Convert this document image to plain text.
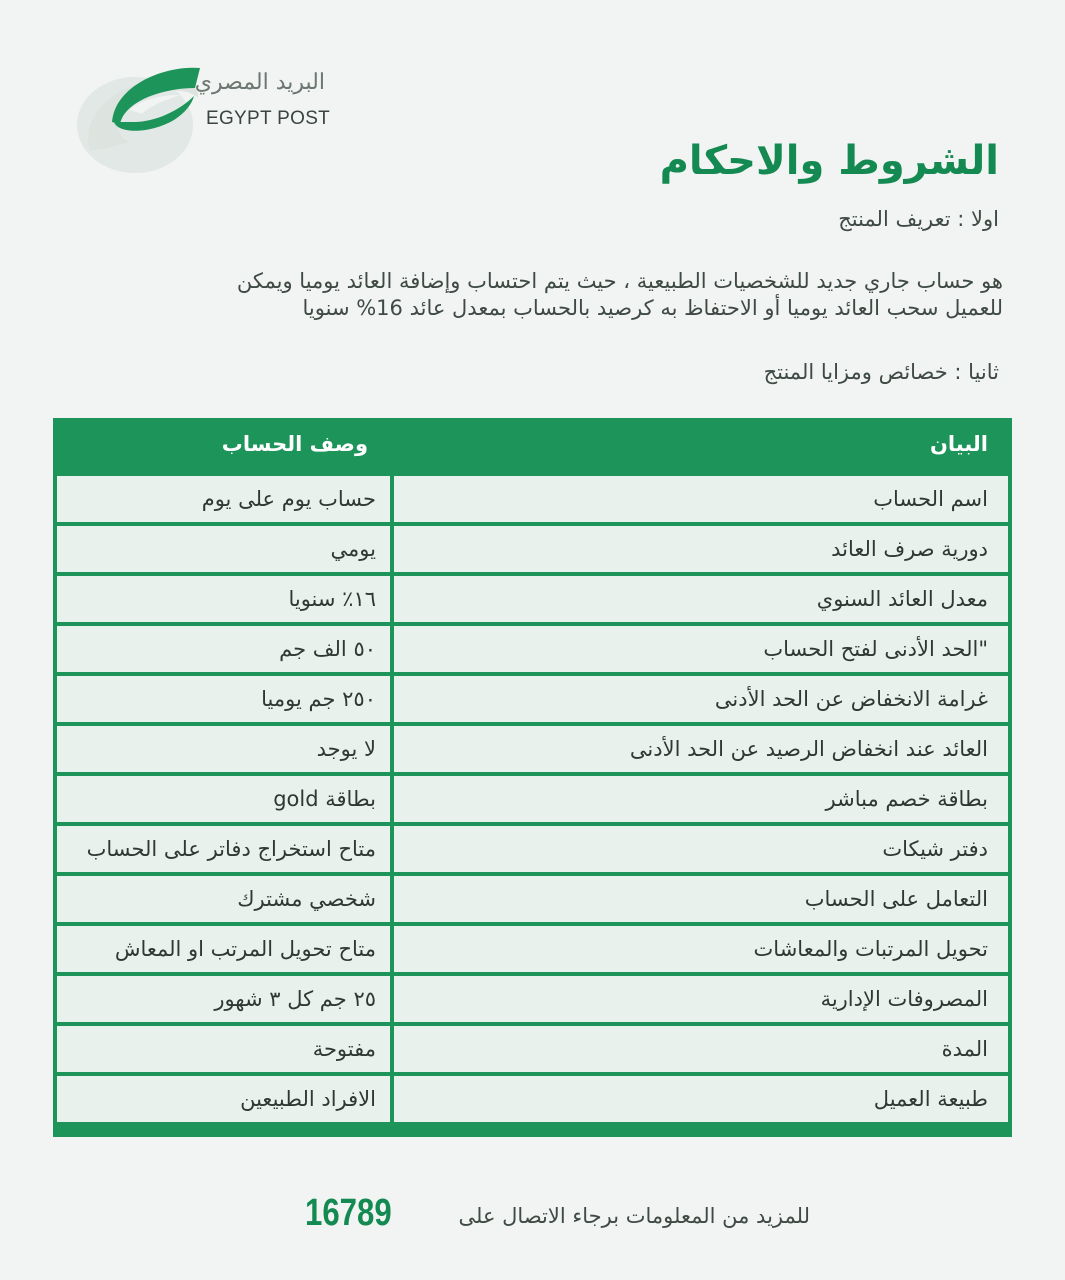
البريد المصري
EGYPT POST
الشروط والاحكام
اولا : تعريف المنتج
هو حساب جاري جديد للشخصيات الطبيعية ، حيث يتم احتساب وإضافة العائد يوميا ويمكن
للعميل سحب العائد يوميا أو الاحتفاظ به كرصيد بالحساب بمعدل عائد 16% سنويا
ثانيا : خصائص ومزايا المنتج
البيان
وصف الحساب
اسم الحساب
حساب يوم على يوم
دورية صرف العائد
يومي
معدل العائد السنوي
١٦٪ سنويا
"الحد الأدنى لفتح الحساب
٥٠ الف جم
غرامة الانخفاض عن الحد الأدنى
٢٥٠ جم يوميا
العائد عند انخفاض الرصيد عن الحد الأدنى
لا يوجد
بطاقة خصم مباشر
بطاقة gold
دفتر شيكات
متاح استخراج دفاتر على الحساب
التعامل على الحساب
شخصي مشترك
تحويل المرتبات والمعاشات
متاح تحويل المرتب او المعاش
المصروفات الإدارية
٢٥ جم كل ٣ شهور
المدة
مفتوحة
طبيعة العميل
الافراد الطبيعين
16789	للمزيد من المعلومات برجاء الاتصال على
